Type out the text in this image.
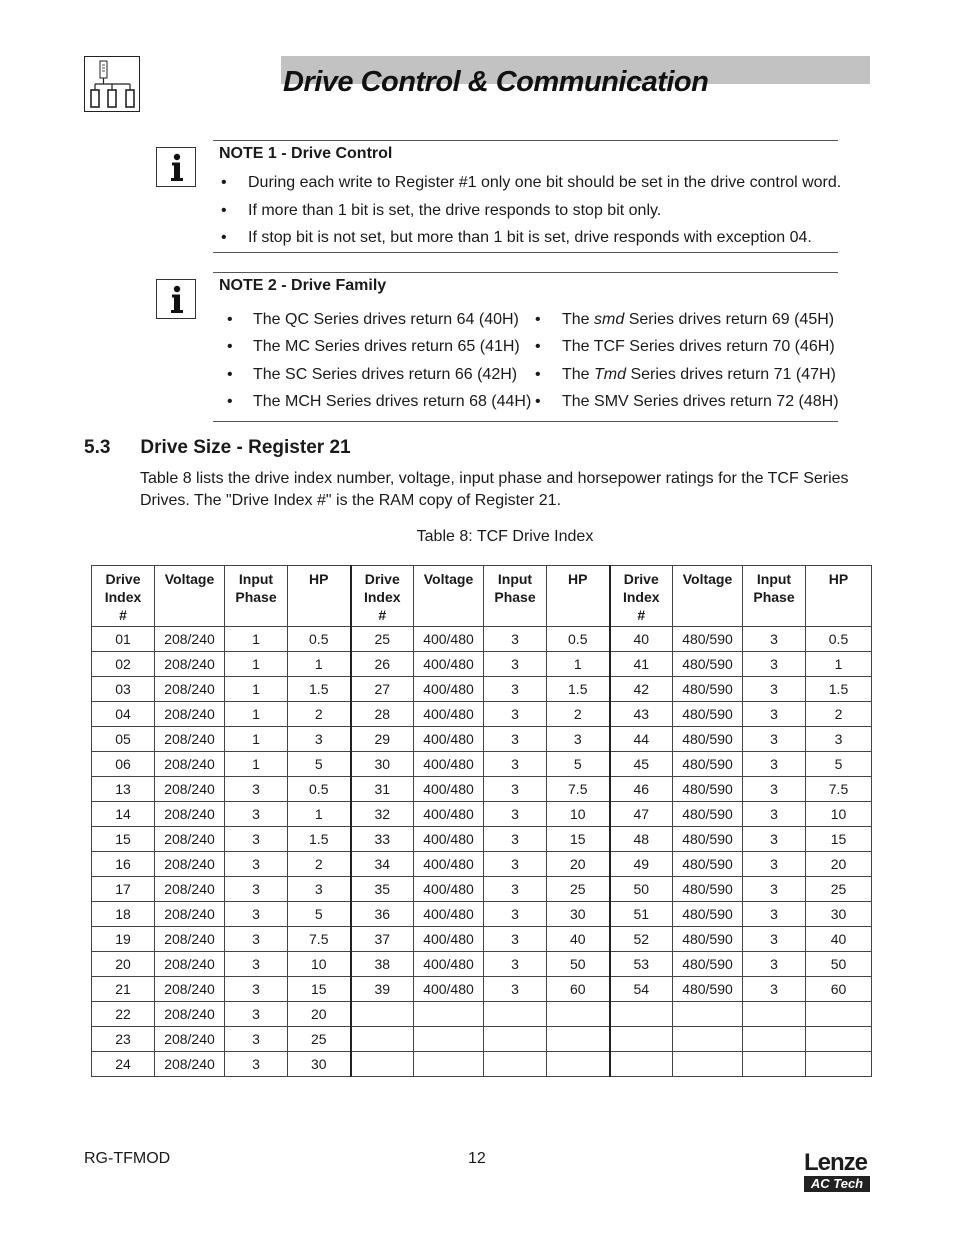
Drive Control & Communication
NOTE 1 - Drive Control
• During each write to Register #1 only one bit should be set in the drive control word.
• If more than 1 bit is set, the drive responds to stop bit only.
• If stop bit is not set, but more than 1 bit is set, drive responds with exception 04.
NOTE 2 - Drive Family
• The QC Series drives return 64 (40H)
• The MC Series drives return 65 (41H)
• The SC Series drives return 66 (42H)
• The MCH Series drives return 68 (44H)
• The smd Series drives return 69 (45H)
• The TCF Series drives return 70 (46H)
• The Tmd Series drives return 71 (47H)
• The SMV Series drives return 72 (48H)
5.3 Drive Size - Register 21
Table 8 lists the drive index number, voltage, input phase and horsepower ratings for the TCF Series Drives. The "Drive Index #" is the RAM copy of Register 21.
Table 8: TCF Drive Index
Drive
Index
#	Voltage	Input
Phase	HP	Drive
Index
#	Voltage	Input
Phase	HP	Drive
Index
#	Voltage	Input
Phase	HP

01	208/240	1	0.5	25	400/480	3	0.5	40	480/590	3	0.5
02	208/240	1	1	26	400/480	3	1	41	480/590	3	1
03	208/240	1	1.5	27	400/480	3	1.5	42	480/590	3	1.5
04	208/240	1	2	28	400/480	3	2	43	480/590	3	2
05	208/240	1	3	29	400/480	3	3	44	480/590	3	3
06	208/240	1	5	30	400/480	3	5	45	480/590	3	5
13	208/240	3	0.5	31	400/480	3	7.5	46	480/590	3	7.5
14	208/240	3	1	32	400/480	3	10	47	480/590	3	10
15	208/240	3	1.5	33	400/480	3	15	48	480/590	3	15
16	208/240	3	2	34	400/480	3	20	49	480/590	3	20
17	208/240	3	3	35	400/480	3	25	50	480/590	3	25
18	208/240	3	5	36	400/480	3	30	51	480/590	3	30
19	208/240	3	7.5	37	400/480	3	40	52	480/590	3	40
20	208/240	3	10	38	400/480	3	50	53	480/590	3	50
21	208/240	3	15	39	400/480	3	60	54	480/590	3	60
22	208/240	3	20								
23	208/240	3	25								
24	208/240	3	30								
RG-TFMOD	12	Lenze
AC Tech
